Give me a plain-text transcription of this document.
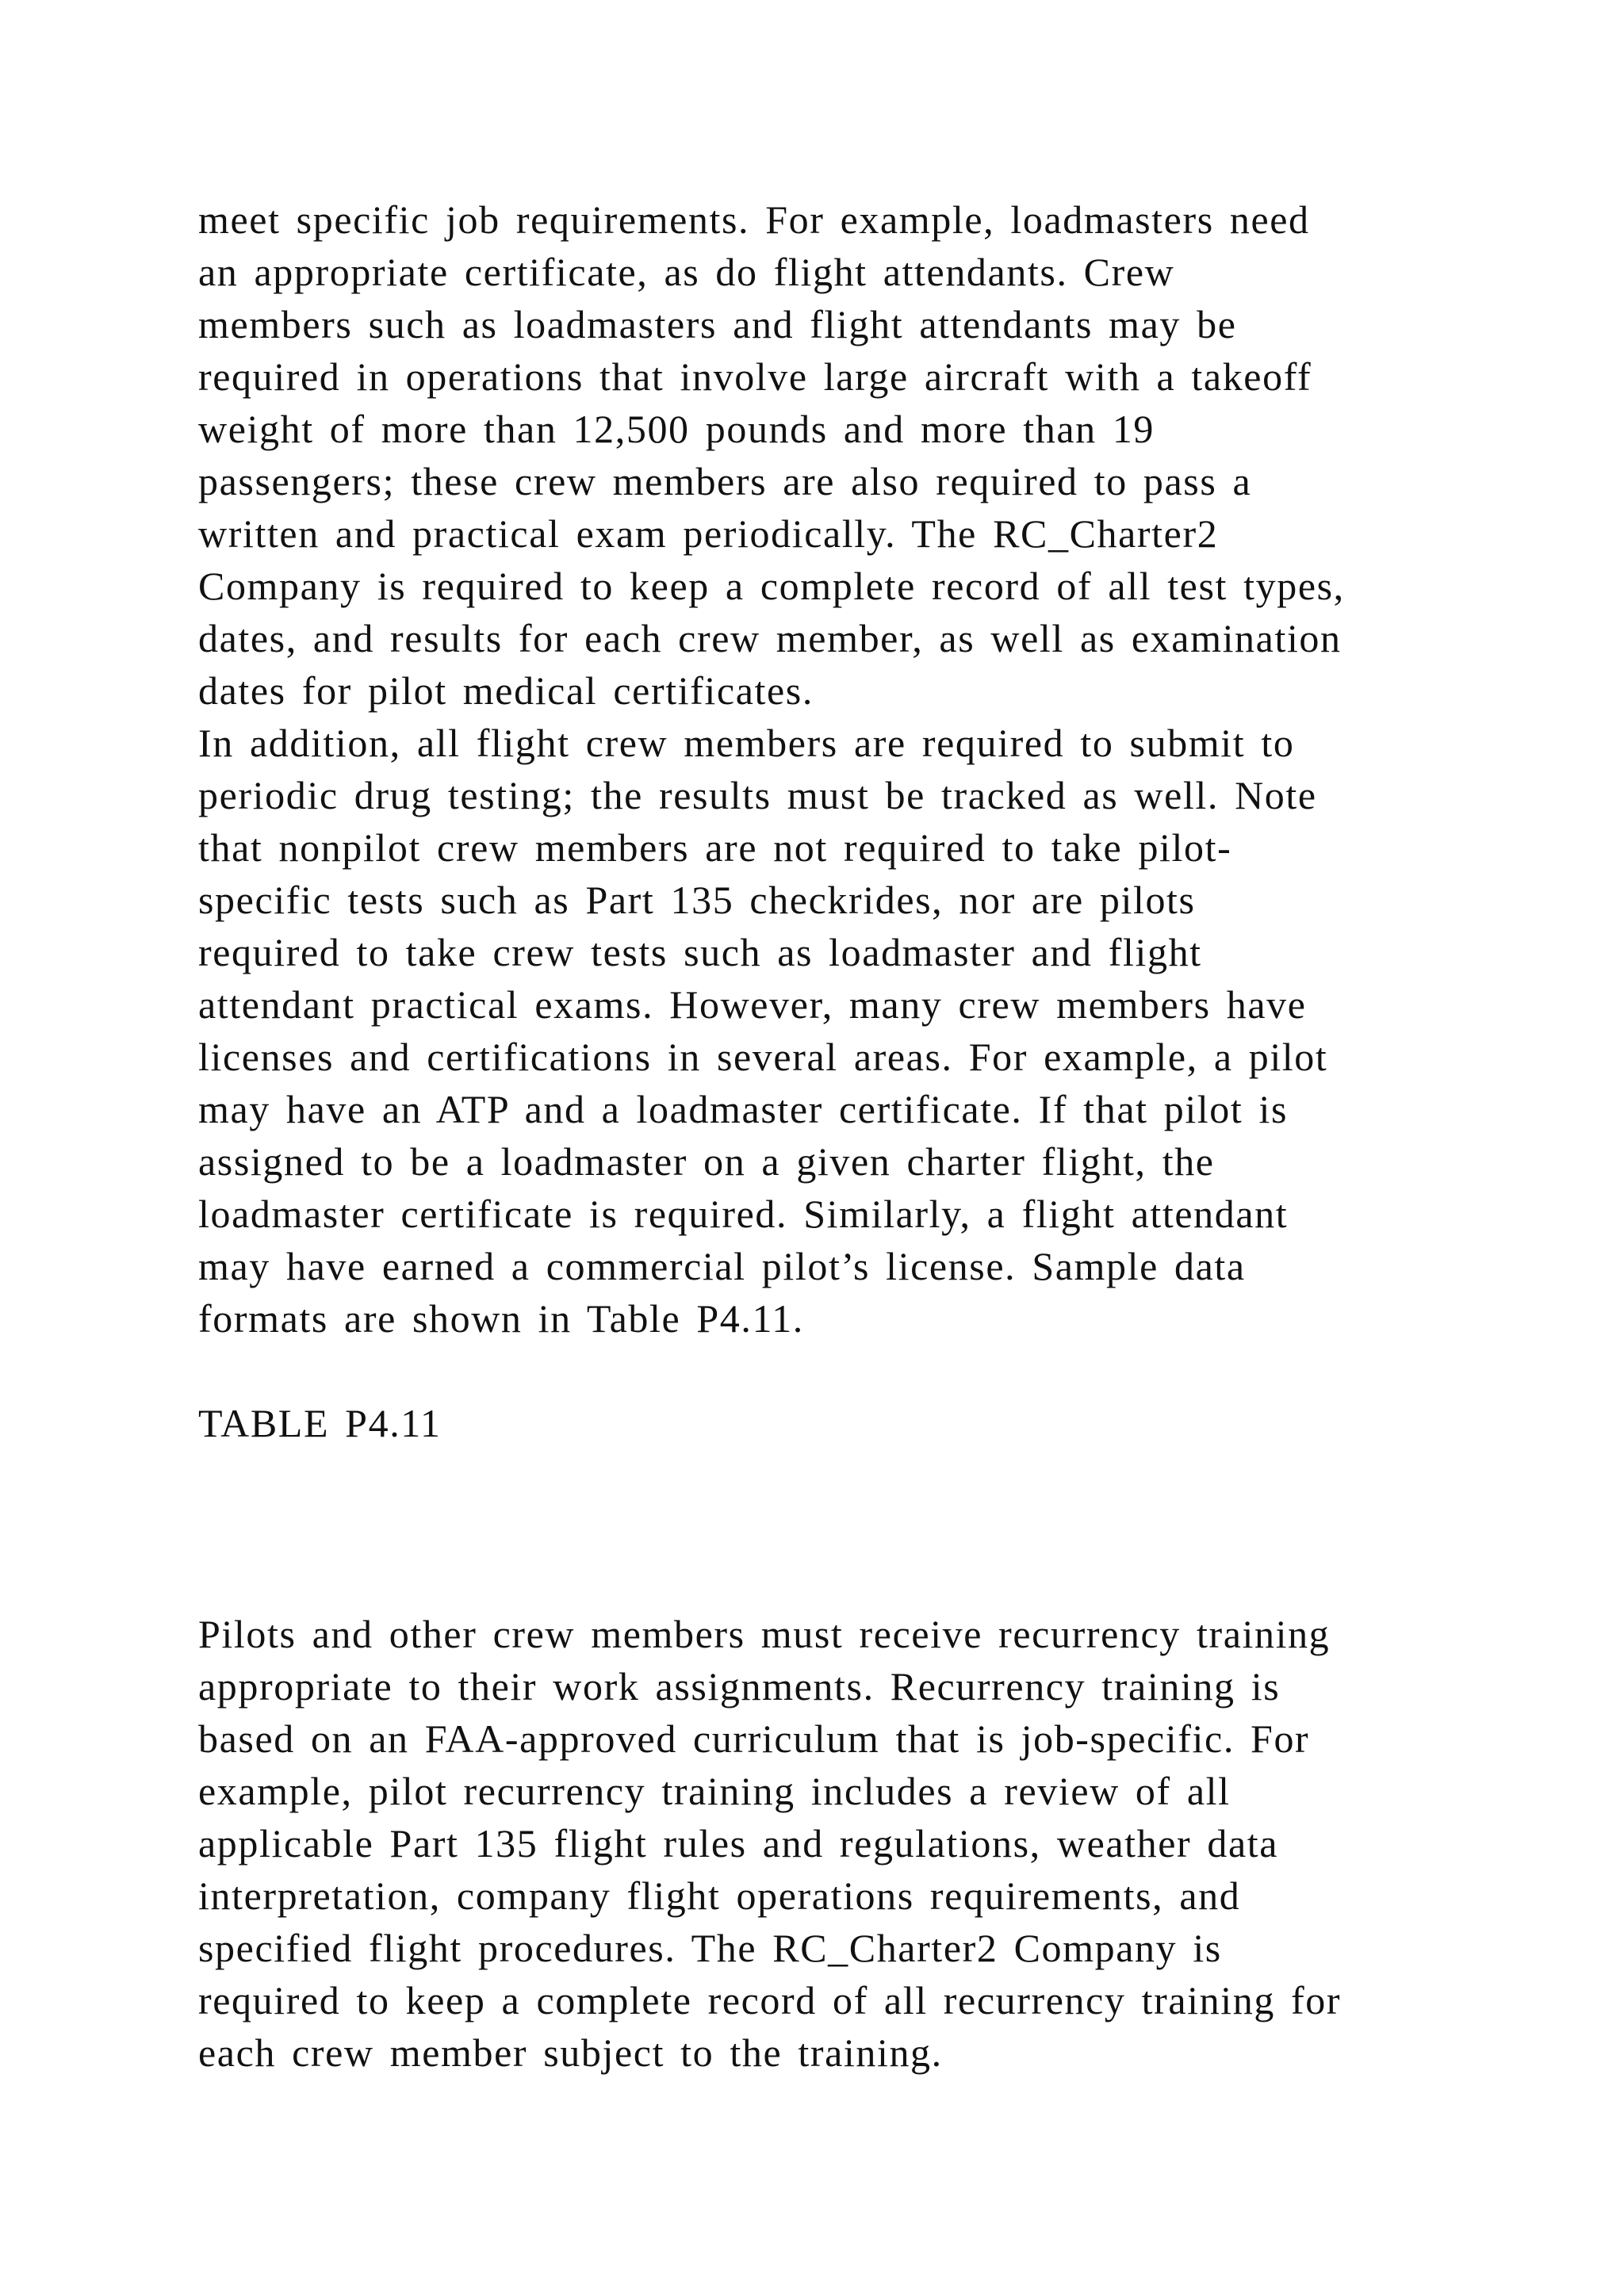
meet specific job requirements. For example, loadmasters need
an appropriate certificate, as do flight attendants. Crew
members such as loadmasters and flight attendants may be
required in operations that involve large aircraft with a takeoff
weight of more than 12,500 pounds and more than 19
passengers; these crew members are also required to pass a
written and practical exam periodically. The RC_Charter2
Company is required to keep a complete record of all test types,
dates, and results for each crew member, as well as examination
dates for pilot medical certificates.
In addition, all flight crew members are required to submit to
periodic drug testing; the results must be tracked as well. Note
that nonpilot crew members are not required to take pilot-
specific tests such as Part 135 checkrides, nor are pilots
required to take crew tests such as loadmaster and flight
attendant practical exams. However, many crew members have
licenses and certifications in several areas. For example, a pilot
may have an ATP and a loadmaster certificate. If that pilot is
assigned to be a loadmaster on a given charter flight, the
loadmaster certificate is required. Similarly, a flight attendant
may have earned a commercial pilot’s license. Sample data
formats are shown in Table P4.11.
TABLE P4.11
Pilots and other crew members must receive recurrency training
appropriate to their work assignments. Recurrency training is
based on an FAA-approved curriculum that is job-specific. For
example, pilot recurrency training includes a review of all
applicable Part 135 flight rules and regulations, weather data
interpretation, company flight operations requirements, and
specified flight procedures. The RC_Charter2 Company is
required to keep a complete record of all recurrency training for
each crew member subject to the training.
